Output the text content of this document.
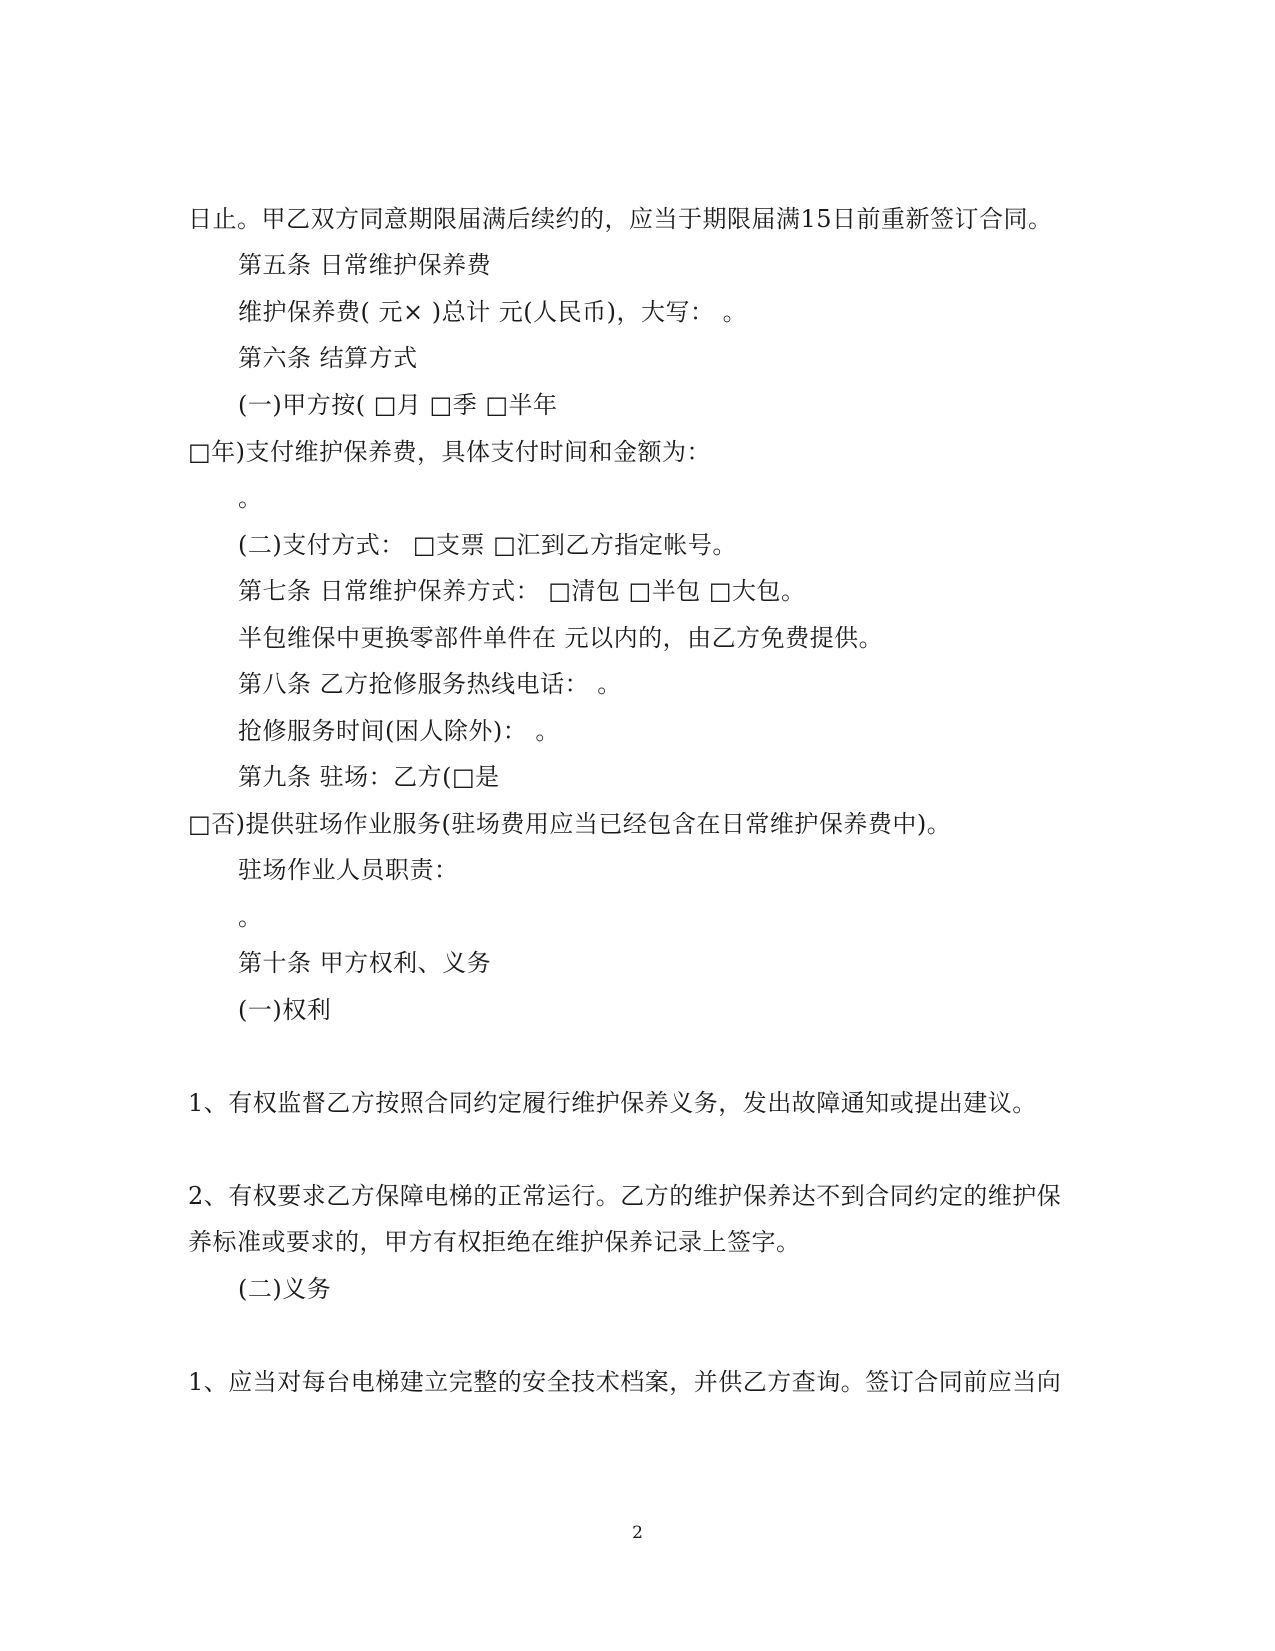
日止。甲乙双方同意期限届满后续约的，应当于期限届满15日前重新签订合同。
第五条 日常维护保养费
维护保养费( 元× )总计 元(人民币)，大写： 。
第六条 结算方式
(一)甲方按( □月 □季 □半年
□年)支付维护保养费，具体支付时间和金额为：
。
(二)支付方式： □支票 □汇到乙方指定帐号。
第七条 日常维护保养方式： □清包 □半包 □大包。
半包维保中更换零部件单件在 元以内的，由乙方免费提供。
第八条 乙方抢修服务热线电话： 。
抢修服务时间(困人除外)： 。
第九条 驻场：乙方(□是
□否)提供驻场作业服务(驻场费用应当已经包含在日常维护保养费中)。
驻场作业人员职责：
。
第十条 甲方权利、义务
(一)权利
1、有权监督乙方按照合同约定履行维护保养义务，发出故障通知或提出建议。
2、有权要求乙方保障电梯的正常运行。乙方的维护保养达不到合同约定的维护保
养标准或要求的，甲方有权拒绝在维护保养记录上签字。
(二)义务
1、应当对每台电梯建立完整的安全技术档案，并供乙方查询。签订合同前应当向
2
